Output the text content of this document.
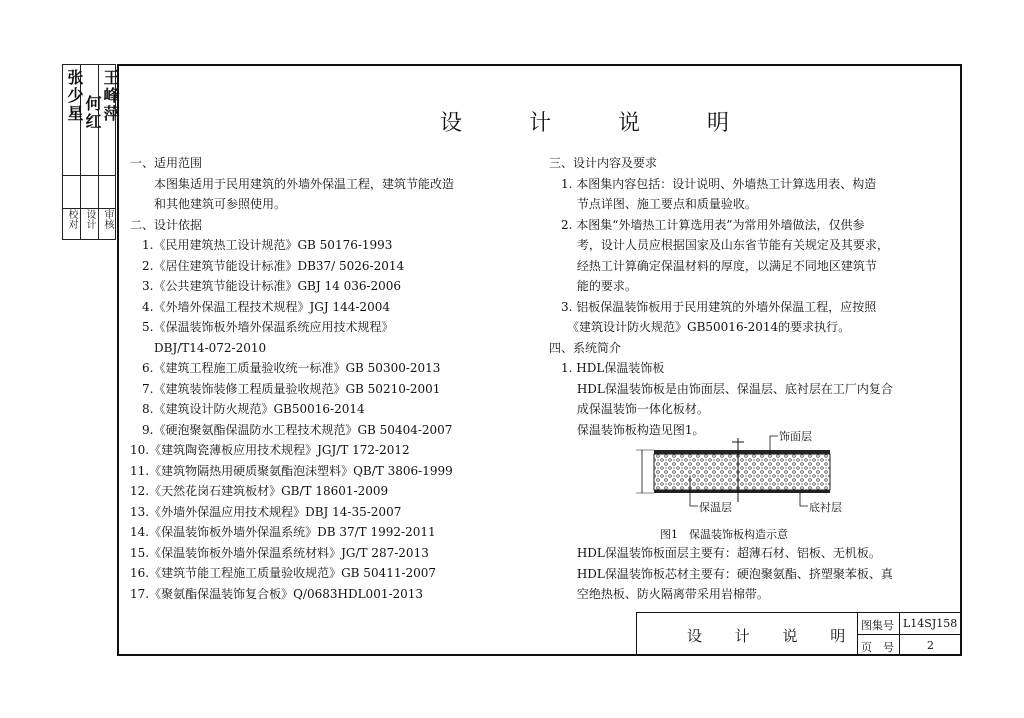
校对 设计 审核
张少星 何红 王峰萍
设 计 说 明
一、适用范围
　　本图集适用于民用建筑的外墙外保温工程，建筑节能改造
　　和其他建筑可参照使用。
二、设计依据
　1.《民用建筑热工设计规范》GB 50176-1993
　2.《居住建筑节能设计标准》DB37/ 5026-2014
　3.《公共建筑节能设计标准》GBJ 14 036-2006
　4.《外墙外保温工程技术规程》JGJ 144-2004
　5.《保温装饰板外墙外保温系统应用技术规程》
　　DBJ/T14-072-2010
　6.《建筑工程施工质量验收统一标准》GB 50300-2013
　7.《建筑装饰装修工程质量验收规范》GB 50210-2001
　8.《建筑设计防火规范》GB50016-2014
　9.《硬泡聚氨酯保温防水工程技术规范》GB 50404-2007
10.《建筑陶瓷薄板应用技术规程》JGJ/T 172-2012
11.《建筑物隔热用硬质聚氨酯泡沫塑料》QB/T 3806-1999
12.《天然花岗石建筑板材》GB/T 18601-2009
13.《外墙外保温应用技术规程》DBJ 14-35-2007
14.《保温装饰板外墙外保温系统》DB 37/T 1992-2011
15.《保温装饰板外墙外保温系统材料》JG/T 287-2013
16.《建筑节能工程施工质量验收规范》GB 50411-2007
17.《聚氨酯保温装饰复合板》Q/0683HDL001-2013
三、设计内容及要求
　1. 本图集内容包括：设计说明、外墙热工计算选用表、构造
　　 节点详图、施工要点和质量验收。
　2. 本图集“外墙热工计算选用表”为常用外墙做法，仅供参
　　 考，设计人员应根据国家及山东省节能有关规定及其要求，
　　 经热工计算确定保温材料的厚度，以满足不同地区建筑节
　　 能的要求。
　3. 铝板保温装饰板用于民用建筑的外墙外保温工程，应按照
　　《建筑设计防火规范》GB50016-2014的要求执行。
四、系统简介
　1. HDL保温装饰板
　　 HDL保温装饰板是由饰面层、保温层、底衬层在工厂内复合
　　 成保温装饰一体化板材。
　　 保温装饰板构造见图1。	饰面层
保温层	底衬层
图1　保温装饰板构造示意
　　 HDL保温装饰板面层主要有：超薄石材、铝板、无机板。
　　 HDL保温装饰板芯材主要有：硬泡聚氨酯、挤塑聚苯板、真
　　 空绝热板、防火隔离带采用岩棉带。
设 计 说 明
图集号 L14SJ158
页　号	2
